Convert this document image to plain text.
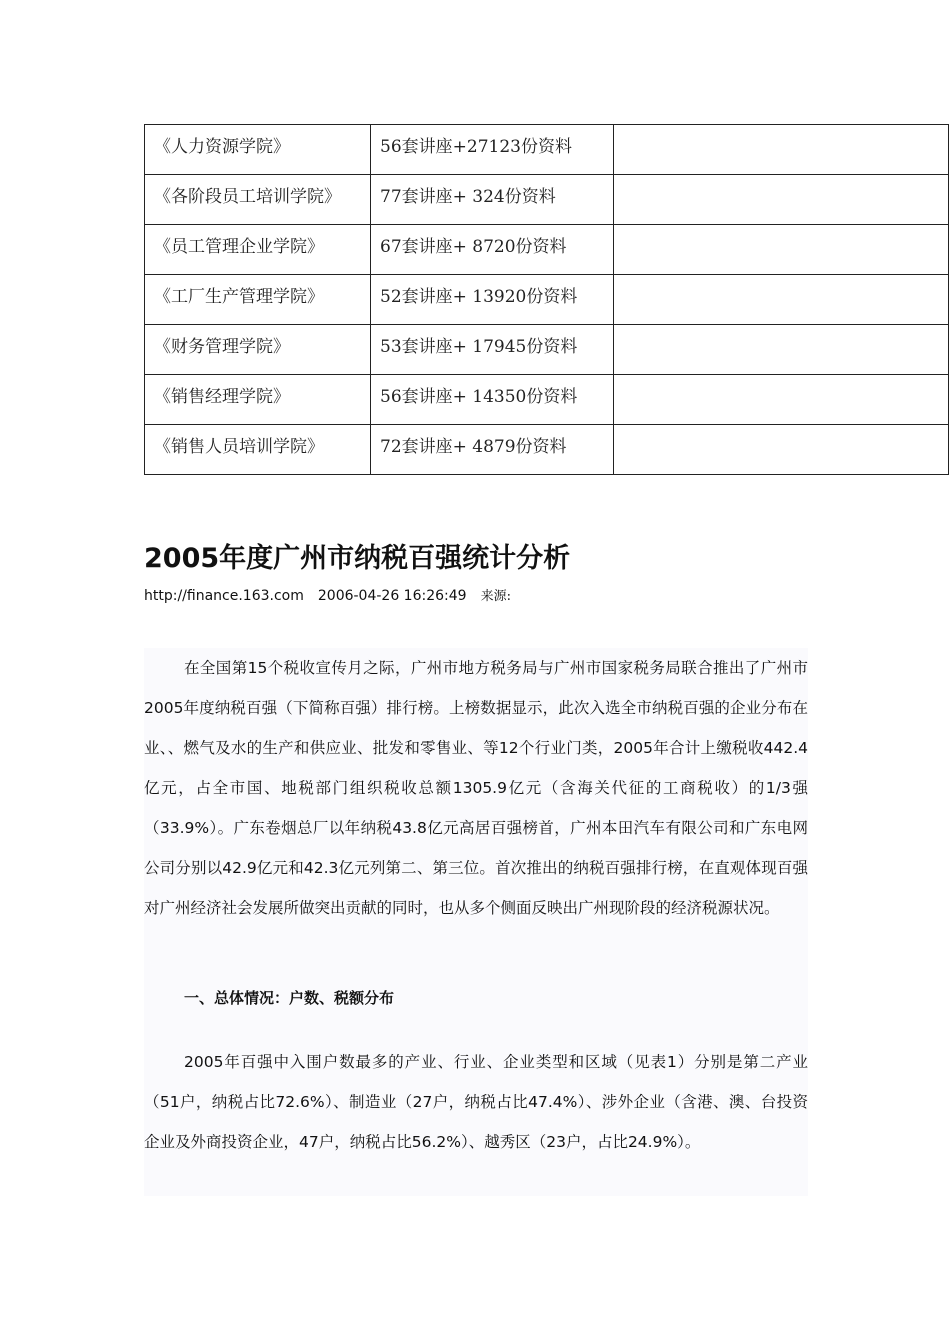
《人力资源学院》	56套讲座+27123份资料	
《各阶段员工培训学院》	77套讲座+ 324份资料	
《员工管理企业学院》	67套讲座+ 8720份资料	
《工厂生产管理学院》	52套讲座+ 13920份资料	
《财务管理学院》	53套讲座+ 17945份资料	
《销售经理学院》	56套讲座+ 14350份资料	
《销售人员培训学院》	72套讲座+ 4879份资料	
2005年度广州市纳税百强统计分析
http://finance.163.com 2006-04-26 16:26:49 来源:

在全国第15个税收宣传月之际，广州市地方税务局与广州市国家税务局联合推出了广州市2005年度纳税百强（下简称百强）排行榜。上榜数据显示，此次入选全市纳税百强的企业分布在业、、燃气及水的生产和供应业、批发和零售业、等12个行业门类，2005年合计上缴税收442.4亿元，占全市国、地税部门组织税收总额1305.9亿元（含海关代征的工商税收）的1/3强（33.9%）。广东卷烟总厂以年纳税43.8亿元高居百强榜首，广州本田汽车有限公司和广东电网公司分别以42.9亿元和42.3亿元列第二、第三位。首次推出的纳税百强排行榜，在直观体现百强对广州经济社会发展所做突出贡献的同时，也从多个侧面反映出广州现阶段的经济税源状况。

一、总体情况：户数、税额分布

2005年百强中入围户数最多的产业、行业、企业类型和区域（见表1）分别是第二产业（51户，纳税占比72.6%）、制造业（27户，纳税占比47.4%）、涉外企业（含港、澳、台投资企业及外商投资企业，47户，纳税占比56.2%）、越秀区（23户，占比24.9%）。
